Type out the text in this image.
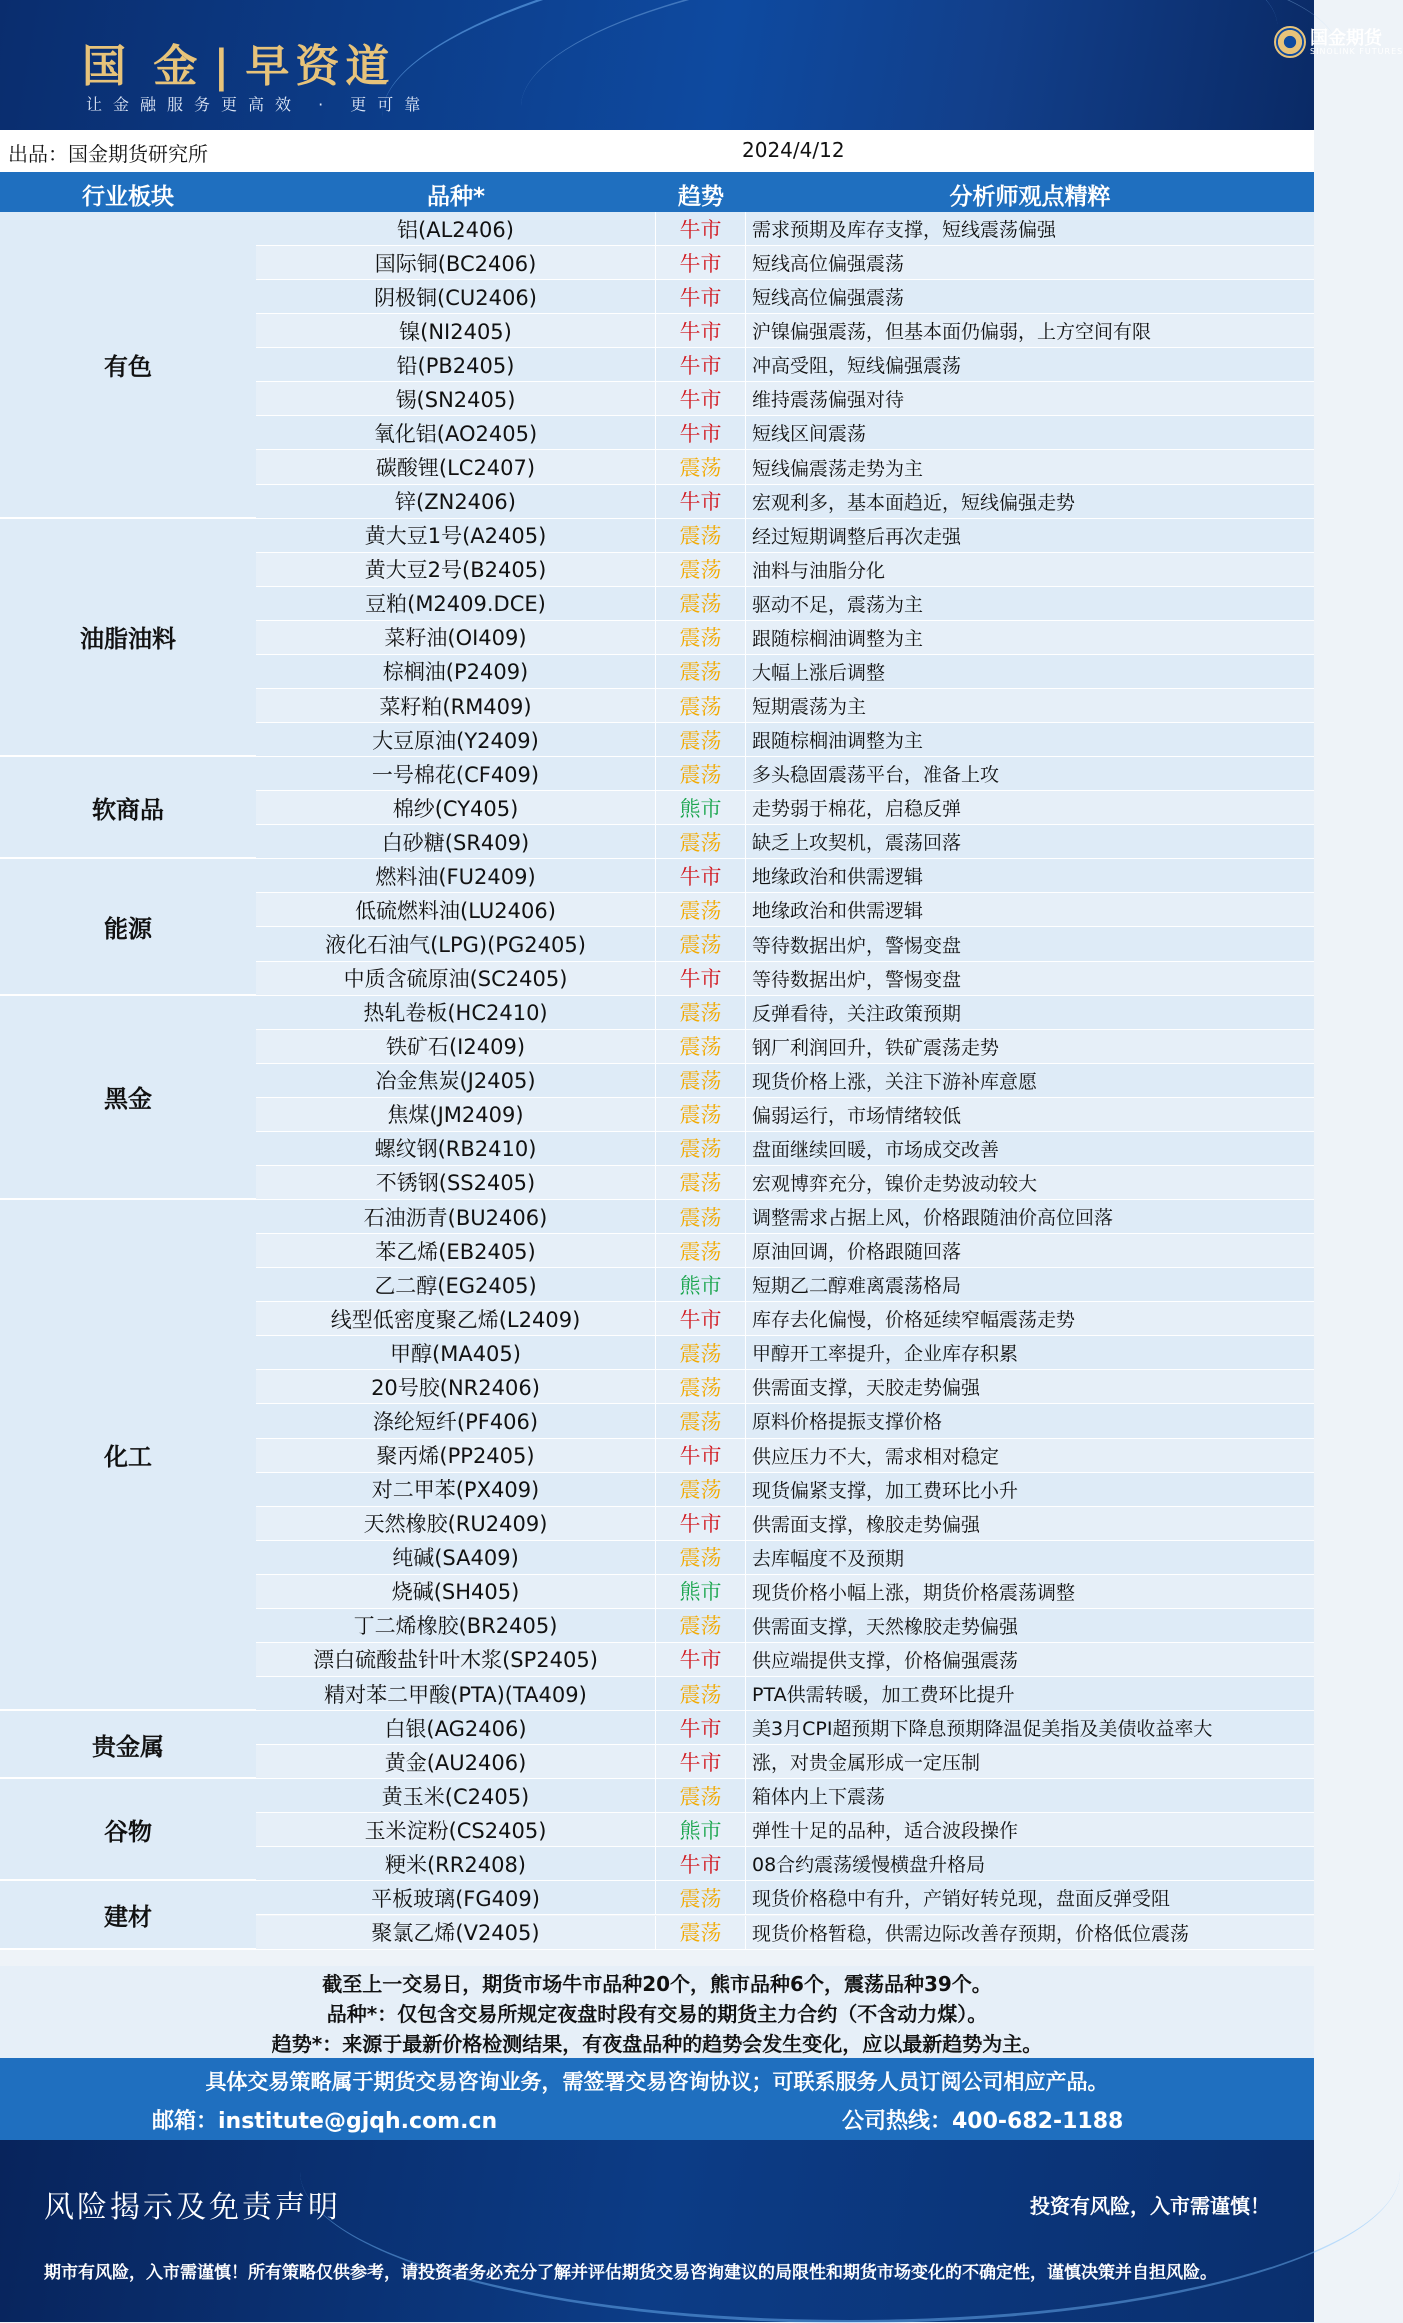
国 金 | 早资道
让金融服务更高效 · 更可靠
国金期货
SINOLINK FUTURES
出品：国金期货研究所	2024/4/12
行业板块	品种*	趋势	分析师观点精粹
铝(AL2406)	牛市	需求预期及库存支撑，短线震荡偏强
国际铜(BC2406)	牛市	短线高位偏强震荡
阴极铜(CU2406)	牛市	短线高位偏强震荡
镍(NI2405)	牛市	沪镍偏强震荡，但基本面仍偏弱，上方空间有限
铅(PB2405)	牛市	冲高受阻，短线偏强震荡
锡(SN2405)	牛市	维持震荡偏强对待
氧化铝(AO2405)	牛市	短线区间震荡
碳酸锂(LC2407)	震荡	短线偏震荡走势为主
锌(ZN2406)	牛市	宏观利多，基本面趋近，短线偏强走势
有色
黄大豆1号(A2405)	震荡	经过短期调整后再次走强
黄大豆2号(B2405)	震荡	油料与油脂分化
豆粕(M2409.DCE)	震荡	驱动不足，震荡为主
菜籽油(OI409)	震荡	跟随棕榈油调整为主
棕榈油(P2409)	震荡	大幅上涨后调整
菜籽粕(RM409)	震荡	短期震荡为主
大豆原油(Y2409)	震荡	跟随棕榈油调整为主
油脂油料
一号棉花(CF409)	震荡	多头稳固震荡平台，准备上攻
棉纱(CY405)	熊市	走势弱于棉花，启稳反弹
白砂糖(SR409)	震荡	缺乏上攻契机，震荡回落
软商品
燃料油(FU2409)	牛市	地缘政治和供需逻辑
低硫燃料油(LU2406)	震荡	地缘政治和供需逻辑
液化石油气(LPG)(PG2405)	震荡	等待数据出炉，警惕变盘
中质含硫原油(SC2405)	牛市	等待数据出炉，警惕变盘
能源
热轧卷板(HC2410)	震荡	反弹看待，关注政策预期
铁矿石(I2409)	震荡	钢厂利润回升，铁矿震荡走势
冶金焦炭(J2405)	震荡	现货价格上涨，关注下游补库意愿
焦煤(JM2409)	震荡	偏弱运行，市场情绪较低
螺纹钢(RB2410)	震荡	盘面继续回暖，市场成交改善
不锈钢(SS2405)	震荡	宏观博弈充分，镍价走势波动较大
黑金
石油沥青(BU2406)	震荡	调整需求占据上风，价格跟随油价高位回落
苯乙烯(EB2405)	震荡	原油回调，价格跟随回落
乙二醇(EG2405)	熊市	短期乙二醇难离震荡格局
线型低密度聚乙烯(L2409)	牛市	库存去化偏慢，价格延续窄幅震荡走势
甲醇(MA405)	震荡	甲醇开工率提升，企业库存积累
20号胶(NR2406)	震荡	供需面支撑，天胶走势偏强
涤纶短纤(PF406)	震荡	原料价格提振支撑价格
聚丙烯(PP2405)	牛市	供应压力不大，需求相对稳定
对二甲苯(PX409)	震荡	现货偏紧支撑，加工费环比小升
天然橡胶(RU2409)	牛市	供需面支撑，橡胶走势偏强
纯碱(SA409)	震荡	去库幅度不及预期
烧碱(SH405)	熊市	现货价格小幅上涨，期货价格震荡调整
丁二烯橡胶(BR2405)	震荡	供需面支撑，天然橡胶走势偏强
漂白硫酸盐针叶木浆(SP2405)	牛市	供应端提供支撑，价格偏强震荡
精对苯二甲酸(PTA)(TA409)	震荡	PTA供需转暖，加工费环比提升
化工
白银(AG2406)	牛市	美3月CPI超预期下降息预期降温促美指及美债收益率大
黄金(AU2406)	牛市	涨，对贵金属形成一定压制
贵金属
黄玉米(C2405)	震荡	箱体内上下震荡
玉米淀粉(CS2405)	熊市	弹性十足的品种，适合波段操作
粳米(RR2408)	牛市	08合约震荡缓慢横盘升格局
谷物
平板玻璃(FG409)	震荡	现货价格稳中有升，产销好转兑现，盘面反弹受阻
聚氯乙烯(V2405)	震荡	现货价格暂稳，供需边际改善存预期，价格低位震荡
建材
截至上一交易日，期货市场牛市品种20个，熊市品种6个，震荡品种39个。
品种*：仅包含交易所规定夜盘时段有交易的期货主力合约（不含动力煤）。
趋势*：来源于最新价格检测结果，有夜盘品种的趋势会发生变化，应以最新趋势为主。
具体交易策略属于期货交易咨询业务，需签署交易咨询协议；可联系服务人员订阅公司相应产品。
邮箱：institute@gjqh.com.cn	公司热线：400-682-1188
风险揭示及免责声明	投资有风险，入市需谨慎！
期市有风险，入市需谨慎！所有策略仅供参考，请投资者务必充分了解并评估期货交易咨询建议的局限性和期货市场变化的不确定性，谨慎决策并自担风险。
